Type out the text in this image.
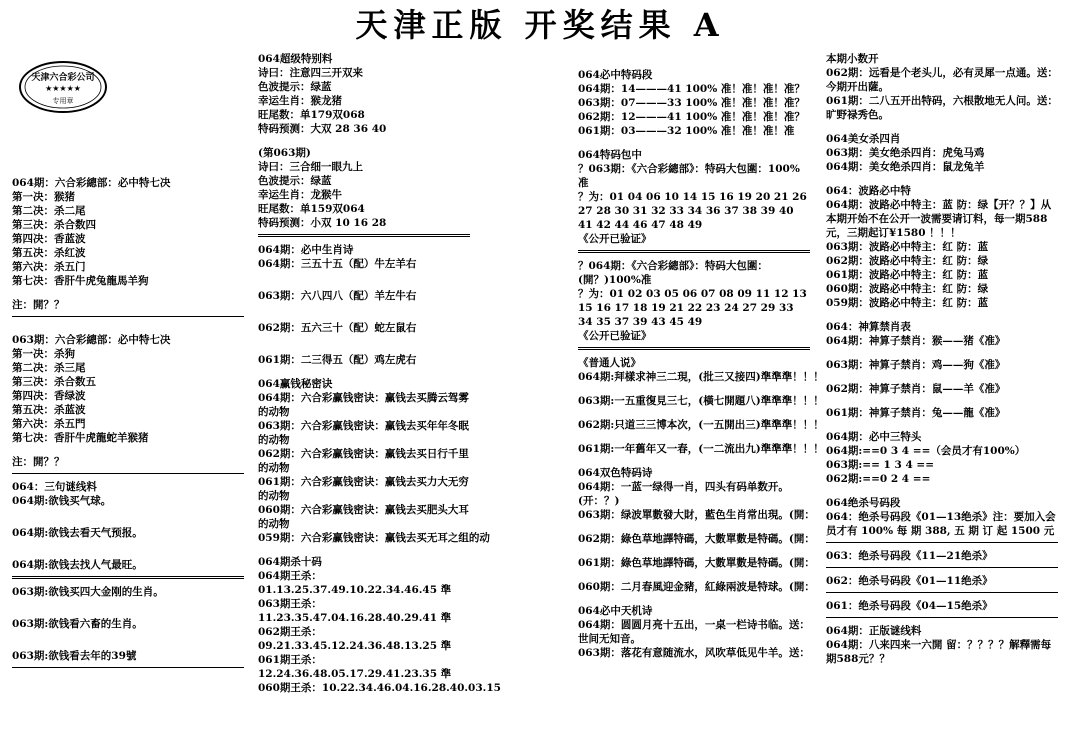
天津正版 开奖结果 A
天津六合彩公司
★★★★★
专用章
064期：六合彩總部：必中特七决
第一决：猴猪
第二决：杀二尾
第三决：杀合数四
第四决：香蓝波
第五决：杀红波
第六决：杀五门
第七决：香肝牛虎兔龍馬羊狗
注：開？？
063期：六合彩總部：必中特七决
第一决：杀狗
第二决：杀三尾
第三决：杀合数五
第四决：香绿波
第五决：杀蓝波
第六决：杀五門
第七决：香肝牛虎龍蛇羊猴猪
注：開？？
064：三句谜线料
064期:欲钱买气球。
064期:欲钱去看天气预报。
064期:欲钱去找人气最旺。
063期:欲钱买四大金刚的生肖。
063期:欲钱看六畜的生肖。
063期:欲钱看去年的39號
064超级特别料
诗曰：注意四三开双来
色波提示：绿蓝
幸运生肖：猴龙猪
旺尾数：单179双068
特码预测：大双 28 36 40
(第063期)
诗曰：三合细一眼九上
色波提示：绿蓝
幸运生肖：龙猴牛
旺尾数：单159双064
特码预测：小双 10 16 28
064期：必中生肖诗
064期：三五十五（配）牛左羊右
063期：六八四八（配）羊左牛右
062期：五六三十（配）蛇左鼠右
061期：二三得五（配）鸡左虎右
064赢钱秘密诀
064期：六合彩赢钱密诀：赢钱去买腾云驾雾的动物
063期：六合彩赢钱密诀：赢钱去买年年冬眠的动物
062期：六合彩赢钱密诀：赢钱去买日行千里的动物
061期：六合彩赢钱密诀：赢钱去买力大无穷的动物
060期：六合彩赢钱密诀：赢钱去买肥头大耳的动物
059期：六合彩赢钱密诀：赢钱去买无耳之组的动
064期杀十码
064期王杀：01.13.25.37.49.10.22.34.46.45 準
063期王杀：11.23.35.47.04.16.28.40.29.41 準
062期王杀：09.21.33.45.12.24.36.48.13.25 準
061期王杀：12.24.36.48.05.17.29.41.23.35 準
060期王杀：10.22.34.46.04.16.28.40.03.15
064必中特码段
064期：14———41 100% 准！准！准！准？
063期：07———33 100% 准！准！准！准？
062期：12———41 100% 准！准！准！准？
061期：03———32 100% 准！准！准！准
064特码包中
？063期：《六合彩總部》：特码大包圍：100%准
？为：01 04 06 10 14 15 16 19 20 21 26 27 28 30 31 32 33 34 36 37 38 39 40 41 42 44 46 47 48 49
《公开已验证》
？064期：《六合彩總部》：特码大包圍：(開？)100%准
？为：01 02 03 05 06 07 08 09 11 12 13 15 16 17 18 19 21 22 23 24 27 29 33 34 35 37 39 43 45 49
《公开已验证》
《普通人说》
064期:拜樣求神三二現，(批三又接四)準準準！！！
063期:一五重復見三七，(橫七開題八)準準準！！！
062期:只道三三博本次，(一五開出三)準準準！！！
061期:一年舊年又一春，(一二流出九)準準準！！！
064双色特码诗
064期：一蓝一绿得一肖，四头有码单数开。(开：？)
063期：绿波單數發大財，藍色生肖常出現。(開：
062期：綠色草地譯特碼，大數單數是特碼。(開：
061期：綠色草地譯特碼，大數單數是特碼。(開：
060期：二月春風迎金豬，紅綠兩波是特球。(開：
064必中天机诗
064期：圆圆月亮十五出，一桌一栏诗书临。送：世间无知音。
063期：落花有意随流水，风吹草低见牛羊。送：
本期小数开
062期：远看是个老头儿，必有灵犀一点通。送：今期开出薩。
061期：二八五开出特码，六根散地无人问。送：旷野禄秀色。
064美女杀四肖
063期：美女绝杀四肖：虎兔马鸡
064期：美女绝杀四肖：鼠龙兔羊
064：波路必中特
064期：波路必中特主：蓝 防：绿【开？？】从本期开始不在公开一波需要请订料，每一期588元，三期起订¥1580 ！！！
063期：波路必中特主：红 防：蓝
062期：波路必中特主：红 防：绿
061期：波路必中特主：红 防：蓝
060期：波路必中特主：红 防：绿
059期：波路必中特主：红 防：蓝
064：神算禁肖表
064期：神算子禁肖：猴——猪《准》
063期：神算子禁肖：鸡——狗《准》
062期：神算子禁肖：鼠——羊《准》
061期：神算子禁肖：兔——龍《准》
064期：必中三特头
064期:==0 3 4 ==（会员才有100%）
063期:== 1 3 4 ==
062期:==0 2 4 ==
064绝杀号码段
064：绝杀号码段《01—13绝杀》注：要加入会员才有 100% 每 期 388, 五 期 订 起 1500 元
063：绝杀号码段《11—21绝杀》
062：绝杀号码段《01—11绝杀》
061：绝杀号码段《04—15绝杀》
064期：正版谜线料
064期：八来四来一六開 留：？？？？解釋需每期588元？？
